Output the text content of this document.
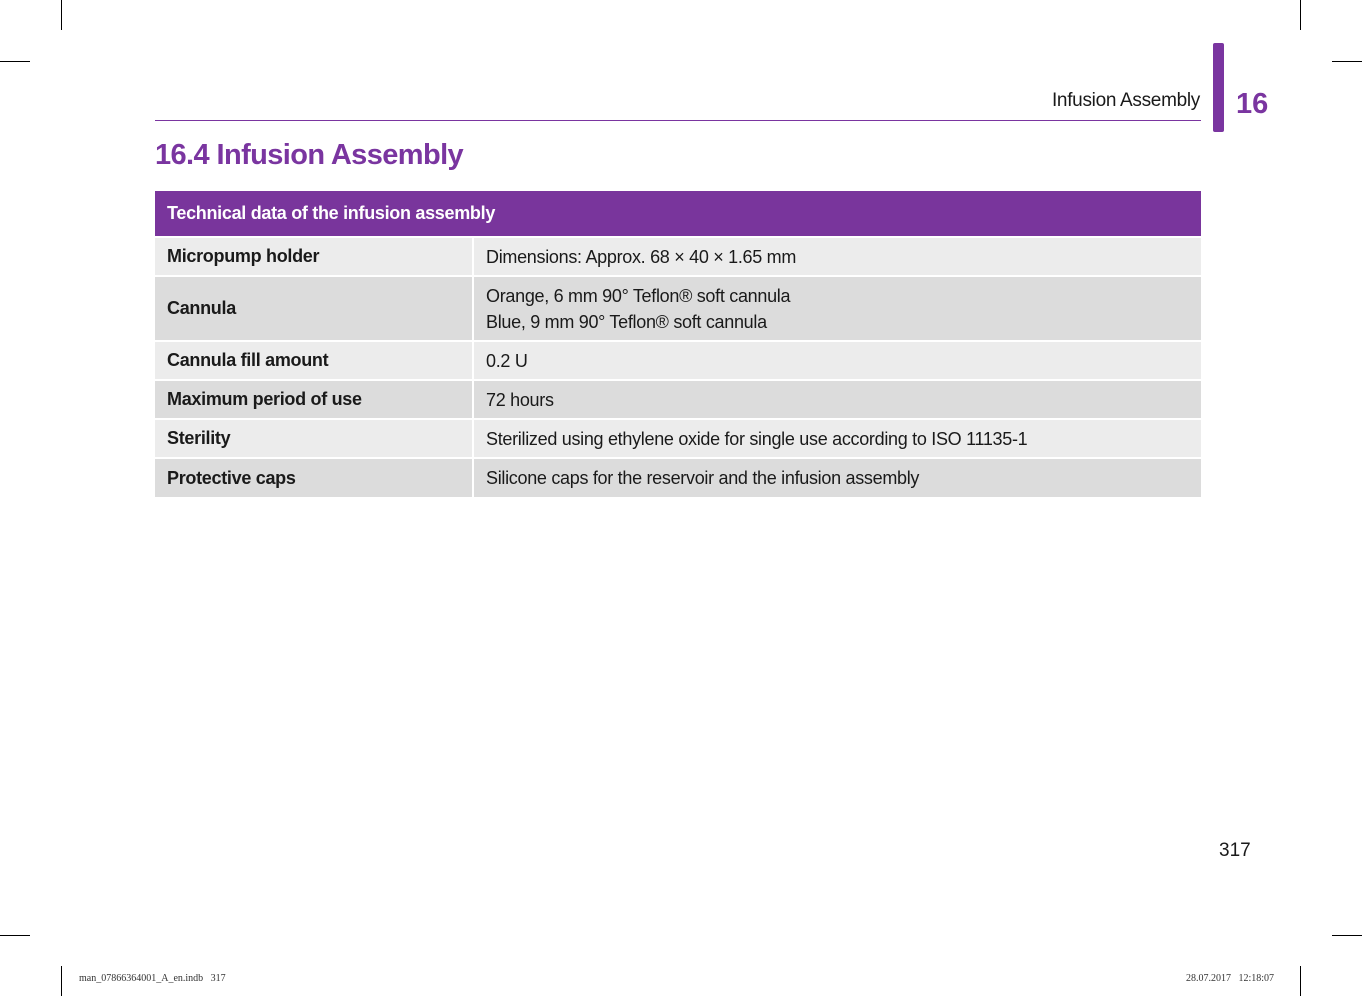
Infusion Assembly 16
16.4 Infusion Assembly
Technical data of the infusion assembly	
Micropump holder	Dimensions: Approx. 68 × 40 × 1.65 mm

Cannula	Orange, 6 mm 90° Teflon® soft cannula
Blue, 9 mm 90° Teflon® soft cannula

Cannula fill amount	0.2 U

Maximum period of use	72 hours

Sterility	Sterilized using ethylene oxide for single use according to ISO 11135-1

Protective caps	Silicone caps for the reservoir and the infusion assembly
317
man_07866364001_A_en.indb   317	28.07.2017   12:18:07
